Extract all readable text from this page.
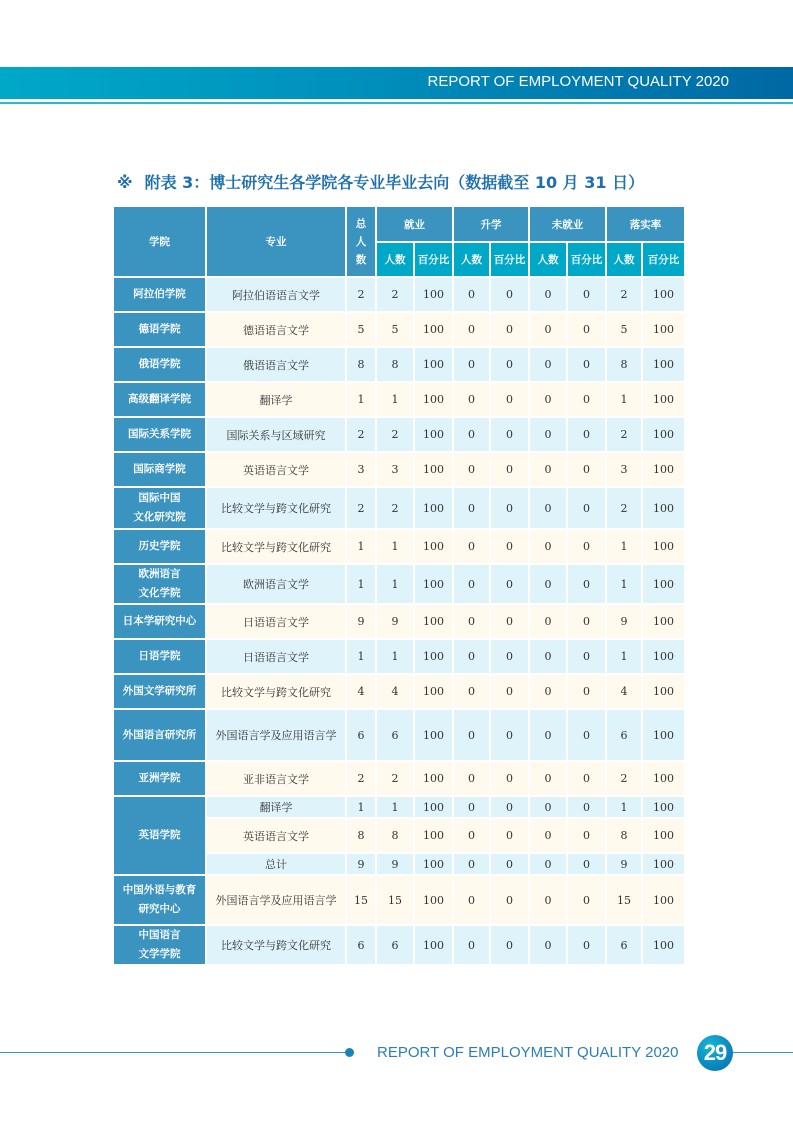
REPORT OF EMPLOYMENT QUALITY 2020
※ 附表 3：博士研究生各学院各专业毕业去向（数据截至 10 月 31 日）
学院	专业	总
人
数	就业		升学		未就业		落实率	
			人数	百分比	人数	百分比	人数	百分比	人数	百分比
阿拉伯学院	阿拉伯语语言文学	2	2	100	0	0	0	0	2	100
德语学院	德语语言文学	5	5	100	0	0	0	0	5	100
俄语学院	俄语语言文学	8	8	100	0	0	0	0	8	100
高级翻译学院	翻译学	1	1	100	0	0	0	0	1	100
国际关系学院	国际关系与区域研究	2	2	100	0	0	0	0	2	100
国际商学院	英语语言文学	3	3	100	0	0	0	0	3	100

国际中国
文化研究院	比较文学与跨文化研究	2	2	100	0	0	0	0	2	100
历史学院	比较文学与跨文化研究	1	1	100	0	0	0	0	1	100

欧洲语言
文化学院	欧洲语言文学	1	1	100	0	0	0	0	1	100
日本学研究中心	日语语言文学	9	9	100	0	0	0	0	9	100
日语学院	日语语言文学	1	1	100	0	0	0	0	1	100
外国文学研究所	比较文学与跨文化研究	4	4	100	0	0	0	0	4	100
外国语言研究所	外国语言学及应用语言学	6	6	100	0	0	0	0	6	100
亚洲学院	亚非语言文学	2	2	100	0	0	0	0	2	100
英语学院	翻译学	1	1	100	0	0	0	0	1	100
	英语语言文学	8	8	100	0	0	0	0	8	100
	总计	9	9	100	0	0	0	0	9	100

中国外语与教育
研究中心	外国语言学及应用语言学	15	15	100	0	0	0	0	15	100

中国语言
文学学院	比较文学与跨文化研究	6	6	100	0	0	0	0	6	100
REPORT OF EMPLOYMENT QUALITY 2020	29
